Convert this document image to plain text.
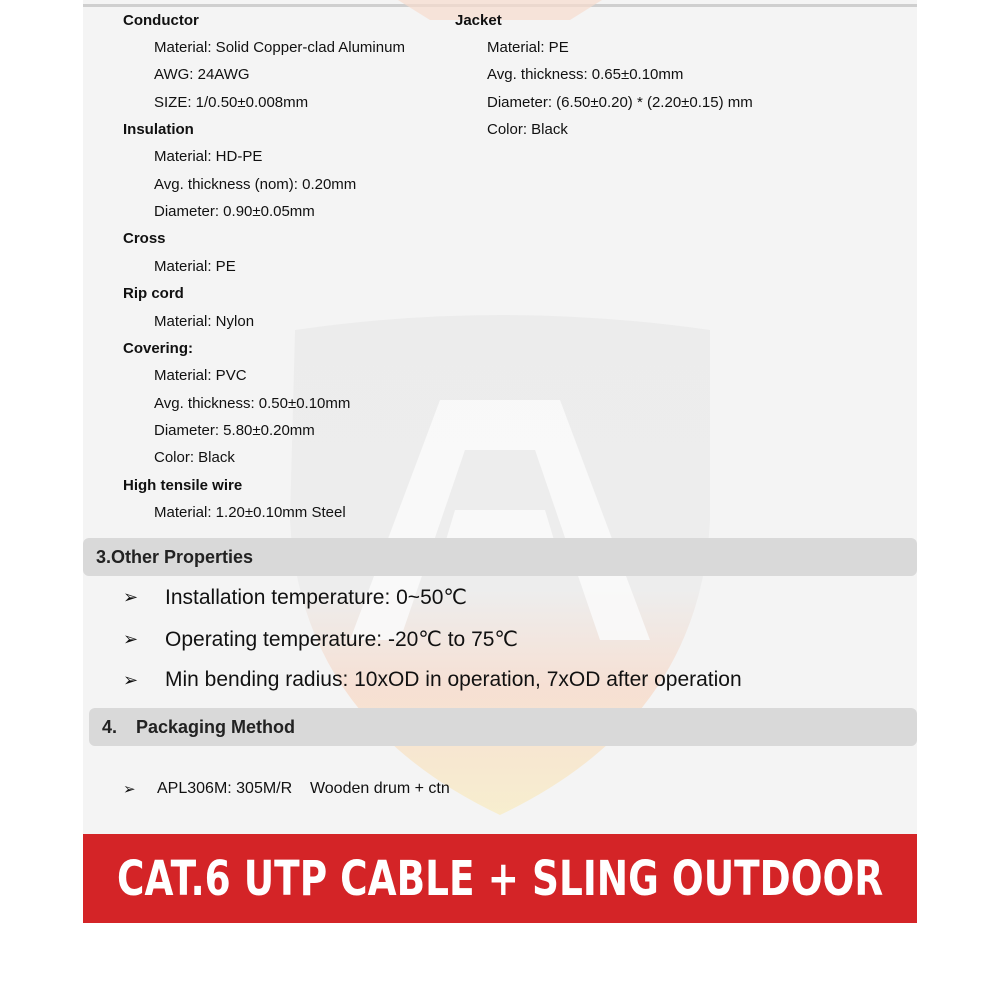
Conductor
Material: Solid Copper-clad Aluminum
AWG: 24AWG
SIZE: 1/0.50±0.008mm
Insulation
Material: HD-PE
Avg. thickness (nom): 0.20mm
Diameter: 0.90±0.05mm
Cross
Material: PE
Rip cord
Material: Nylon
Covering:
Material: PVC
Avg. thickness: 0.50±0.10mm
Diameter: 5.80±0.20mm
Color: Black
High tensile wire
Material: 1.20±0.10mm Steel
Jacket
Material: PE
Avg. thickness: 0.65±0.10mm
Diameter: (6.50±0.20) * (2.20±0.15) mm
Color: Black
3.Other Properties
➢	Installation temperature: 0~50℃
➢	Operating temperature: -20℃ to 75℃
➢	Min bending radius: 10xOD in operation, 7xOD after operation
4.	Packaging Method
➢	APL306M: 305M/R    Wooden drum + ctn
CAT.6 UTP CABLE + SLING OUTDOOR
